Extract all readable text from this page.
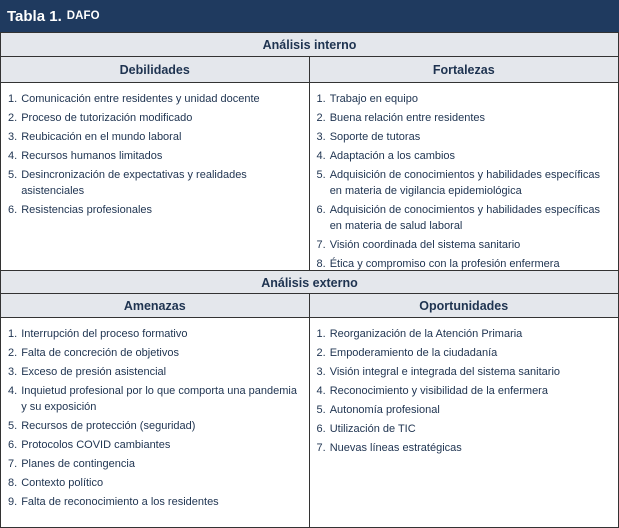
Tabla 1. DAFO
Análisis interno
Debilidades
1. Comunicación entre residentes y unidad docente
2. Proceso de tutorización modificado
3. Reubicación en el mundo laboral
4. Recursos humanos limitados
5. Desincronización de expectativas y realidades asistenciales
6. Resistencias profesionales
Fortalezas
1. Trabajo en equipo
2. Buena relación entre residentes
3. Soporte de tutoras
4. Adaptación a los cambios
5. Adquisición de conocimientos y habilidades específicas en materia de vigilancia epidemiológica
6. Adquisición de conocimientos y habilidades específicas en materia de salud laboral
7. Visión coordinada del sistema sanitario
8. Ética y compromiso con la profesión enfermera
Análisis externo
Amenazas
1. Interrupción del proceso formativo
2. Falta de concreción de objetivos
3. Exceso de presión asistencial
4. Inquietud profesional por lo que comporta una pandemia y su exposición
5. Recursos de protección (seguridad)
6. Protocolos COVID cambiantes
7. Planes de contingencia
8. Contexto político
9. Falta de reconocimiento a los residentes
Oportunidades
1. Reorganización de la Atención Primaria
2. Empoderamiento de la ciudadanía
3. Visión integral e integrada del sistema sanitario
4. Reconocimiento y visibilidad de la enfermera
5. Autonomía profesional
6. Utilización de TIC
7. Nuevas líneas estratégicas
